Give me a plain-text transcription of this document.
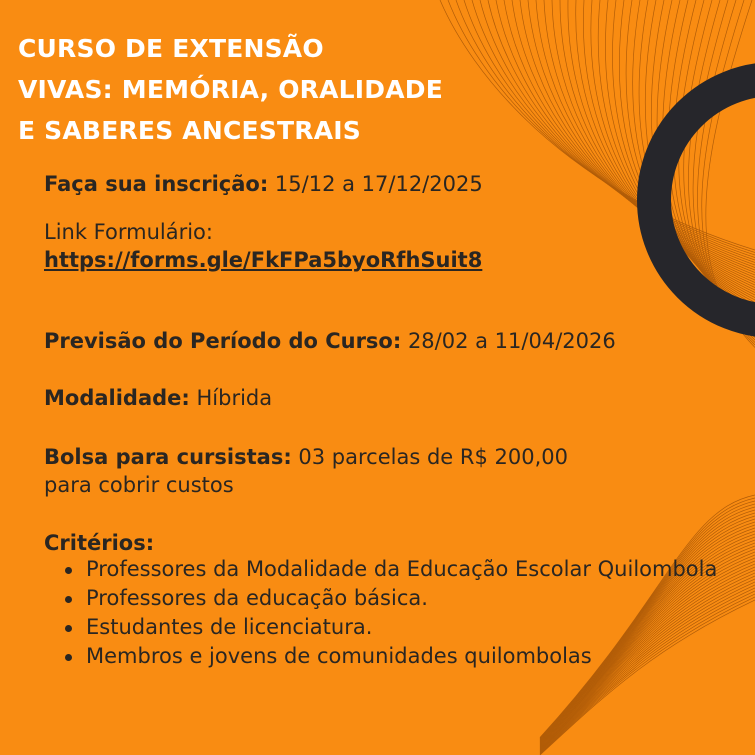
CURSO DE EXTENSÃO
VIVAS: MEMÓRIA, ORALIDADE
E SABERES ANCESTRAIS
Faça sua inscrição: 15/12 a 17/12/2025
Link Formulário:
https://forms.gle/FkFPa5byoRfhSuit8
Previsão do Período do Curso: 28/02 a 11/04/2026
Modalidade: Híbrida
Bolsa para cursistas: 03 parcelas de R$ 200,00
para cobrir custos
Critérios:
Professores da Modalidade da Educação Escolar Quilombola
Professores da educação básica.
Estudantes de licenciatura.
Membros e jovens de comunidades quilombolas
